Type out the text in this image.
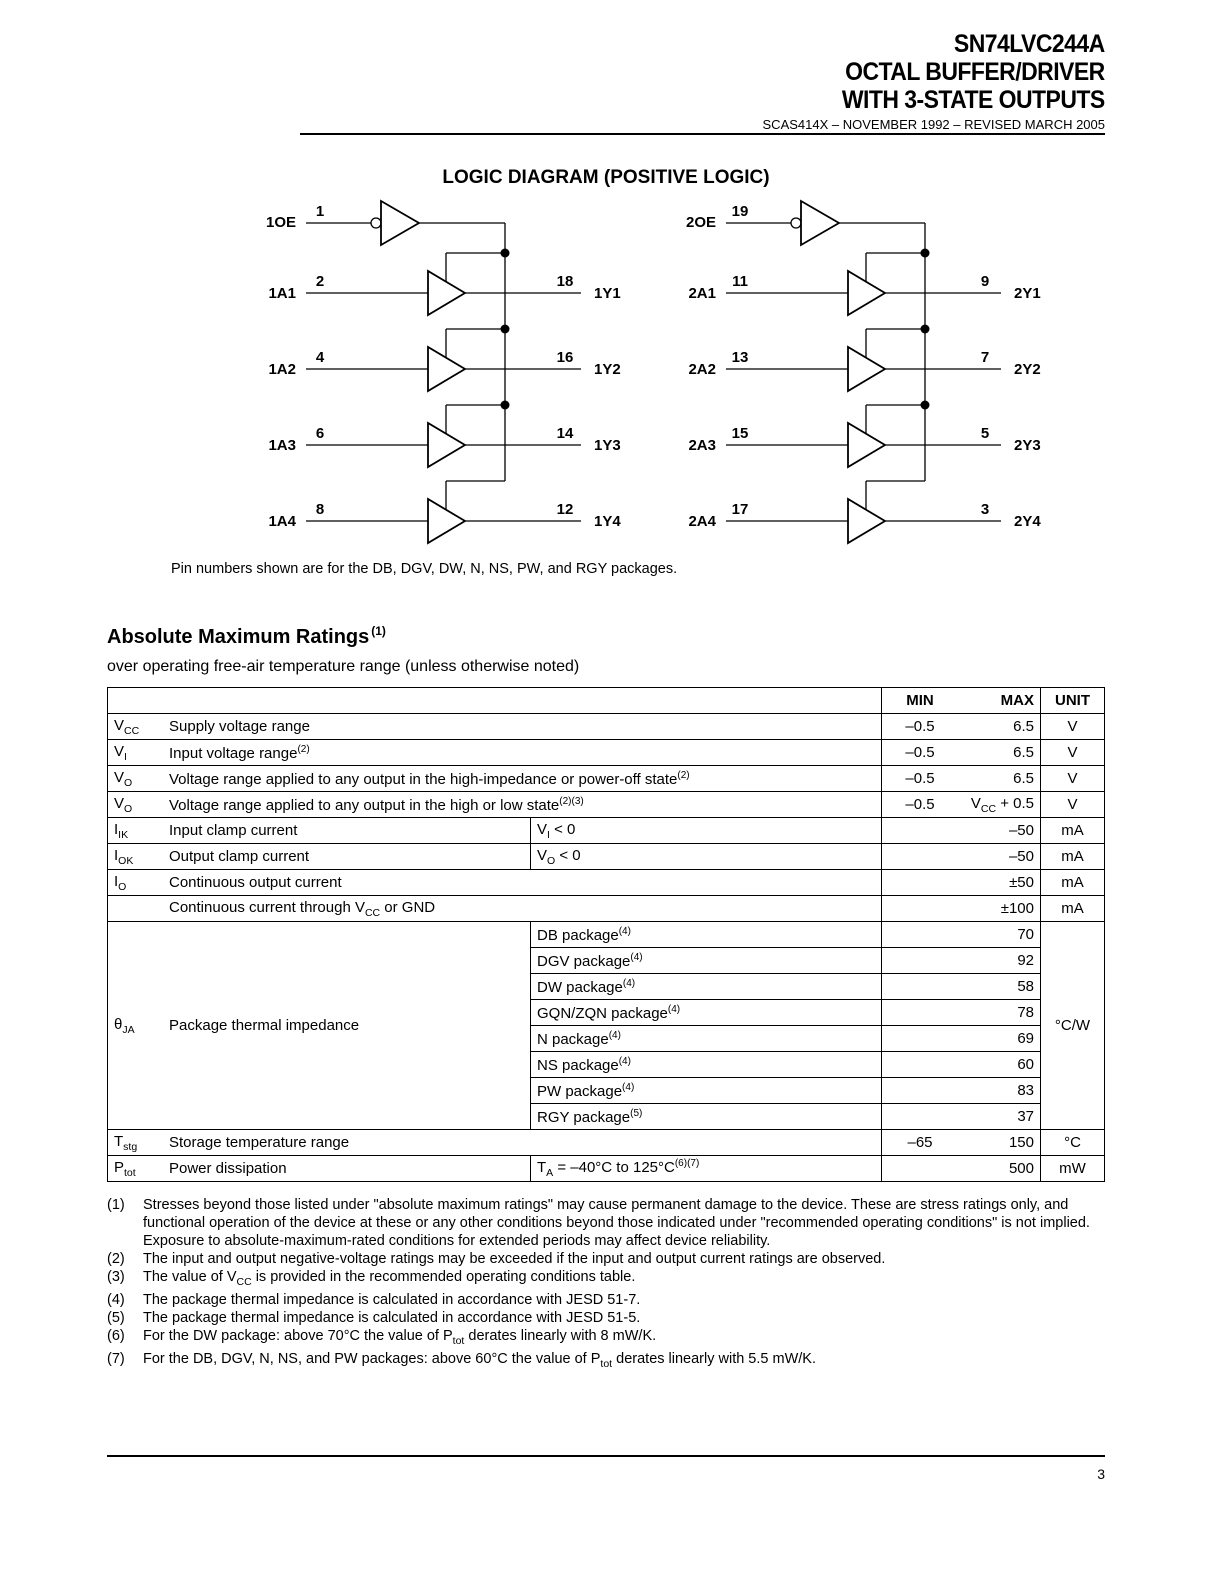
SN74LVC244A
OCTAL BUFFER/DRIVER
WITH 3-STATE OUTPUTS
SCAS414X – NOVEMBER 1992 – REVISED MARCH 2005
LOGIC DIAGRAM (POSITIVE LOGIC)
1OE
1
1A1
2	18
1Y1
1A2
4	16
1Y2
1A3
6	14
1Y3
1A4
8	12
1Y4
2OE
19
2A1
11	9
2Y1
2A2
13	7
2Y2
2A3
15	5
2Y3
2A4
17	3
2Y4
Pin numbers shown are for the DB, DGV, DW, N, NS, PW, and RGY packages.
Absolute Maximum Ratings $^{(1)}$
over operating free-air temperature range (unless otherwise noted)
			MIN	MAX	UNIT
$V_{CC}$	Supply voltage range		–0.5	6.5	V
$V_I$	Input voltage range$^{(2)}$		–0.5	6.5	V
$V_O$	Voltage range applied to any output in the high-impedance or power-off state$^{(2)}$		–0.5	6.5	V
$V_O$	Voltage range applied to any output in the high or low state$^{(2)(3)}$		–0.5	$V_{CC} + 0.5$	V
$I_{IK}$	Input clamp current	$V_I < 0$		–50	mA
$I_{OK}$	Output clamp current	$V_O < 0$		–50	mA
$I_O$	Continuous output current			±50	mA
	Continuous current through $V_{CC}$ or GND			±100	mA
$\theta_{JA}$	Package thermal impedance	DB package$^{(4)}$		70	°C/W
		DGV package$^{(4)}$		92	
		DW package$^{(4)}$		58	
		GQN/ZQN package$^{(4)}$		78	
		N package$^{(4)}$		69	
		NS package$^{(4)}$		60	
		PW package$^{(4)}$		83	
		RGY package$^{(5)}$		37	
$T_{stg}$	Storage temperature range		–65	150	°C
$P_{tot}$	Power dissipation	$T_A = -40^\circ C$ to $125^\circ C^{(6)(7)}$		500	mW
(1)	Stresses beyond those listed under "absolute maximum ratings" may cause permanent damage to the device. These are stress ratings only, and functional operation of the device at these or any other conditions beyond those indicated under "recommended operating conditions" is not implied. Exposure to absolute-maximum-rated conditions for extended periods may affect device reliability.
(2)	The input and output negative-voltage ratings may be exceeded if the input and output current ratings are observed.
(3)	The value of $V_{CC}$ is provided in the recommended operating conditions table.
(4)	The package thermal impedance is calculated in accordance with JESD 51-7.
(5)	The package thermal impedance is calculated in accordance with JESD 51-5.
(6)	For the DW package: above 70°C the value of $P_{tot}$ derates linearly with 8 mW/K.
(7)	For the DB, DGV, N, NS, and PW packages: above 60°C the value of $P_{tot}$ derates linearly with 5.5 mW/K.
3
